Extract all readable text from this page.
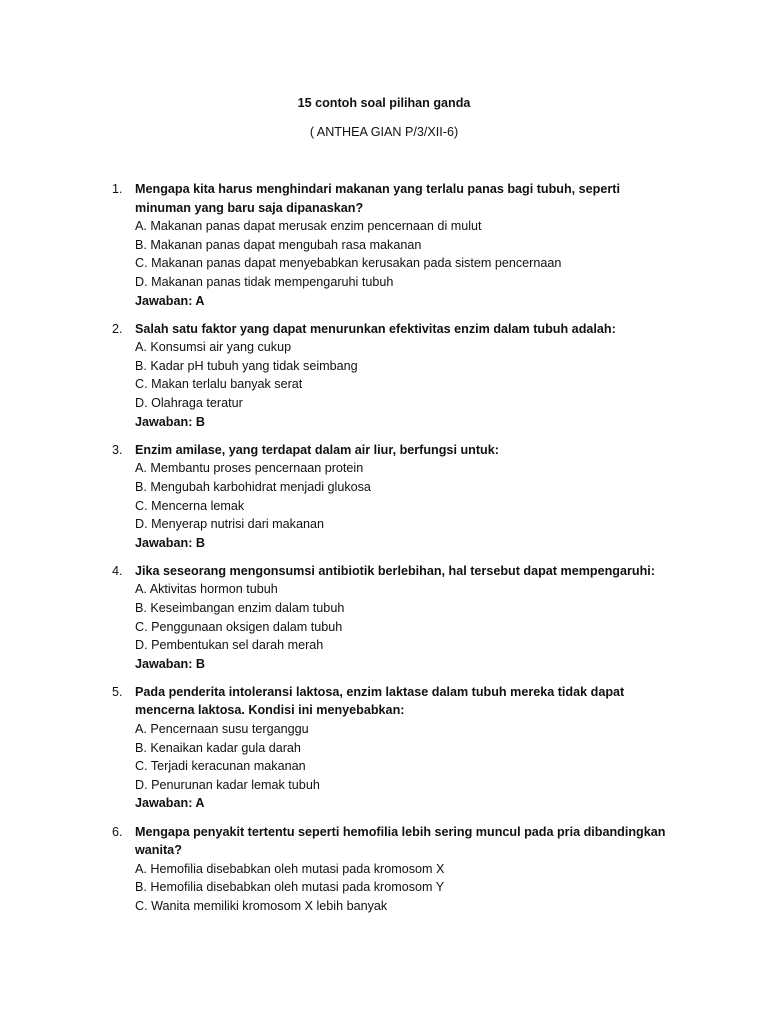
15 contoh soal pilihan ganda
( ANTHEA GIAN P/3/XII-6)
1. Mengapa kita harus menghindari makanan yang terlalu panas bagi tubuh, seperti minuman yang baru saja dipanaskan?
A. Makanan panas dapat merusak enzim pencernaan di mulut
B. Makanan panas dapat mengubah rasa makanan
C. Makanan panas dapat menyebabkan kerusakan pada sistem pencernaan
D. Makanan panas tidak mempengaruhi tubuh
Jawaban: A
2. Salah satu faktor yang dapat menurunkan efektivitas enzim dalam tubuh adalah:
A. Konsumsi air yang cukup
B. Kadar pH tubuh yang tidak seimbang
C. Makan terlalu banyak serat
D. Olahraga teratur
Jawaban: B
3. Enzim amilase, yang terdapat dalam air liur, berfungsi untuk:
A. Membantu proses pencernaan protein
B. Mengubah karbohidrat menjadi glukosa
C. Mencerna lemak
D. Menyerap nutrisi dari makanan
Jawaban: B
4. Jika seseorang mengonsumsi antibiotik berlebihan, hal tersebut dapat mempengaruhi:
A. Aktivitas hormon tubuh
B. Keseimbangan enzim dalam tubuh
C. Penggunaan oksigen dalam tubuh
D. Pembentukan sel darah merah
Jawaban: B
5. Pada penderita intoleransi laktosa, enzim laktase dalam tubuh mereka tidak dapat mencerna laktosa. Kondisi ini menyebabkan:
A. Pencernaan susu terganggu
B. Kenaikan kadar gula darah
C. Terjadi keracunan makanan
D. Penurunan kadar lemak tubuh
Jawaban: A
6. Mengapa penyakit tertentu seperti hemofilia lebih sering muncul pada pria dibandingkan wanita?
A. Hemofilia disebabkan oleh mutasi pada kromosom X
B. Hemofilia disebabkan oleh mutasi pada kromosom Y
C. Wanita memiliki kromosom X lebih banyak
